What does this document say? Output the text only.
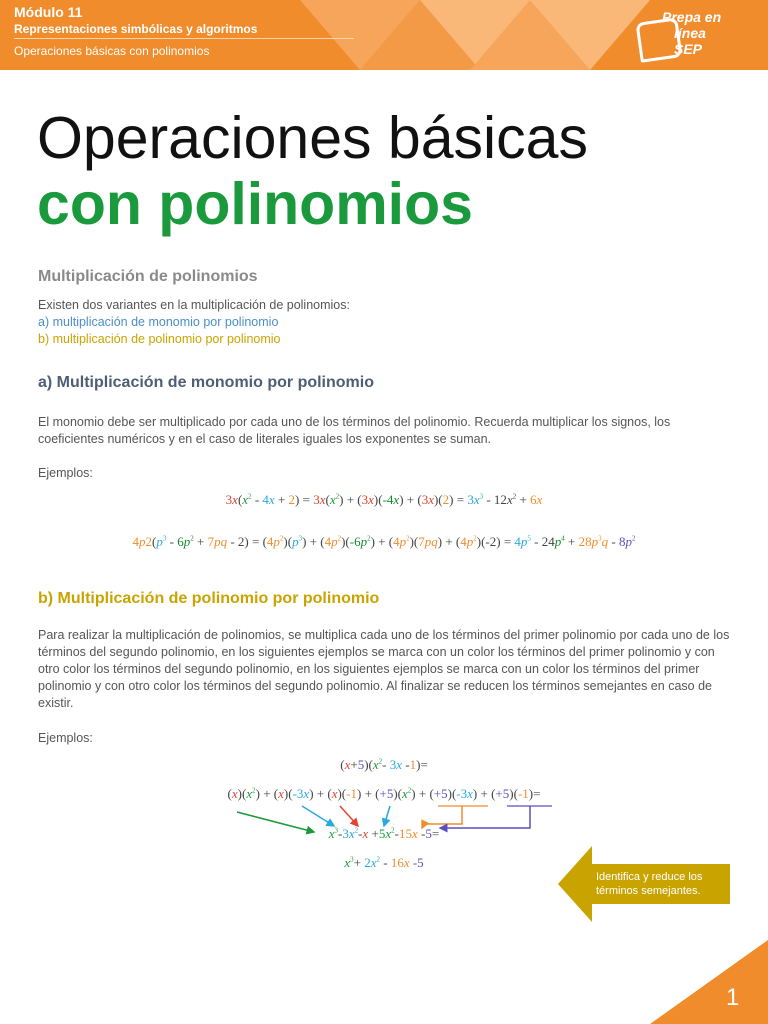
Módulo 11
Representaciones simbólicas y algoritmos
Operaciones básicas con polinomios
Prepa en
línea
SEP
Operaciones básicas
con polinomios
Multiplicación de polinomios
Existen dos variantes en la multiplicación de polinomios:
a) multiplicación de monomio por polinomio
b) multiplicación de polinomio por polinomio
a) Multiplicación de monomio por polinomio
El monomio debe ser multiplicado por cada uno de los términos del polinomio. Recuerda multiplicar los signos, los coeficientes numéricos y en el caso de literales iguales los exponentes se suman.
Ejemplos:
$3x(x^2 - 4x + 2) = 3x(x^2) + (3x)(-4x) + (3x)(2) = 3x^3 - 12x^2 + 6x$
$4p2(p^3 - 6p^2 + 7pq - 2) = (4p^2)(p^3) + (4p^2)(-6p^2) + (4p^2)(7pq) + (4p^2)(-2) = 4p^5 - 24p^4 + 28p^3q - 8p^2$
b) Multiplicación de polinomio por polinomio
Para realizar la multiplicación de polinomios, se multiplica cada uno de los términos del primer polinomio por cada uno de los términos del segundo polinomio, en los siguientes ejemplos se marca con un color los términos del primer polinomio y con otro color los términos del segundo polinomio, en los siguientes ejemplos se marca con un color los términos del primer polinomio y con otro color los términos del segundo polinomio. Al finalizar se reducen los términos semejantes en caso de existir.
Ejemplos:
$(x+5)(x^2-$ 3x -1)=
$(x)(x^2) + (x)(-3x) + (x)(-1) + (+5)(x^2) + (+5)(-3x) + (+5)(-1)=$
$x^3-3x^2-x +5x^2-15x$ -5=
$x^3+ 2x^2 - 16x$ -5
Identifica y reduce los términos semejantes.
1
